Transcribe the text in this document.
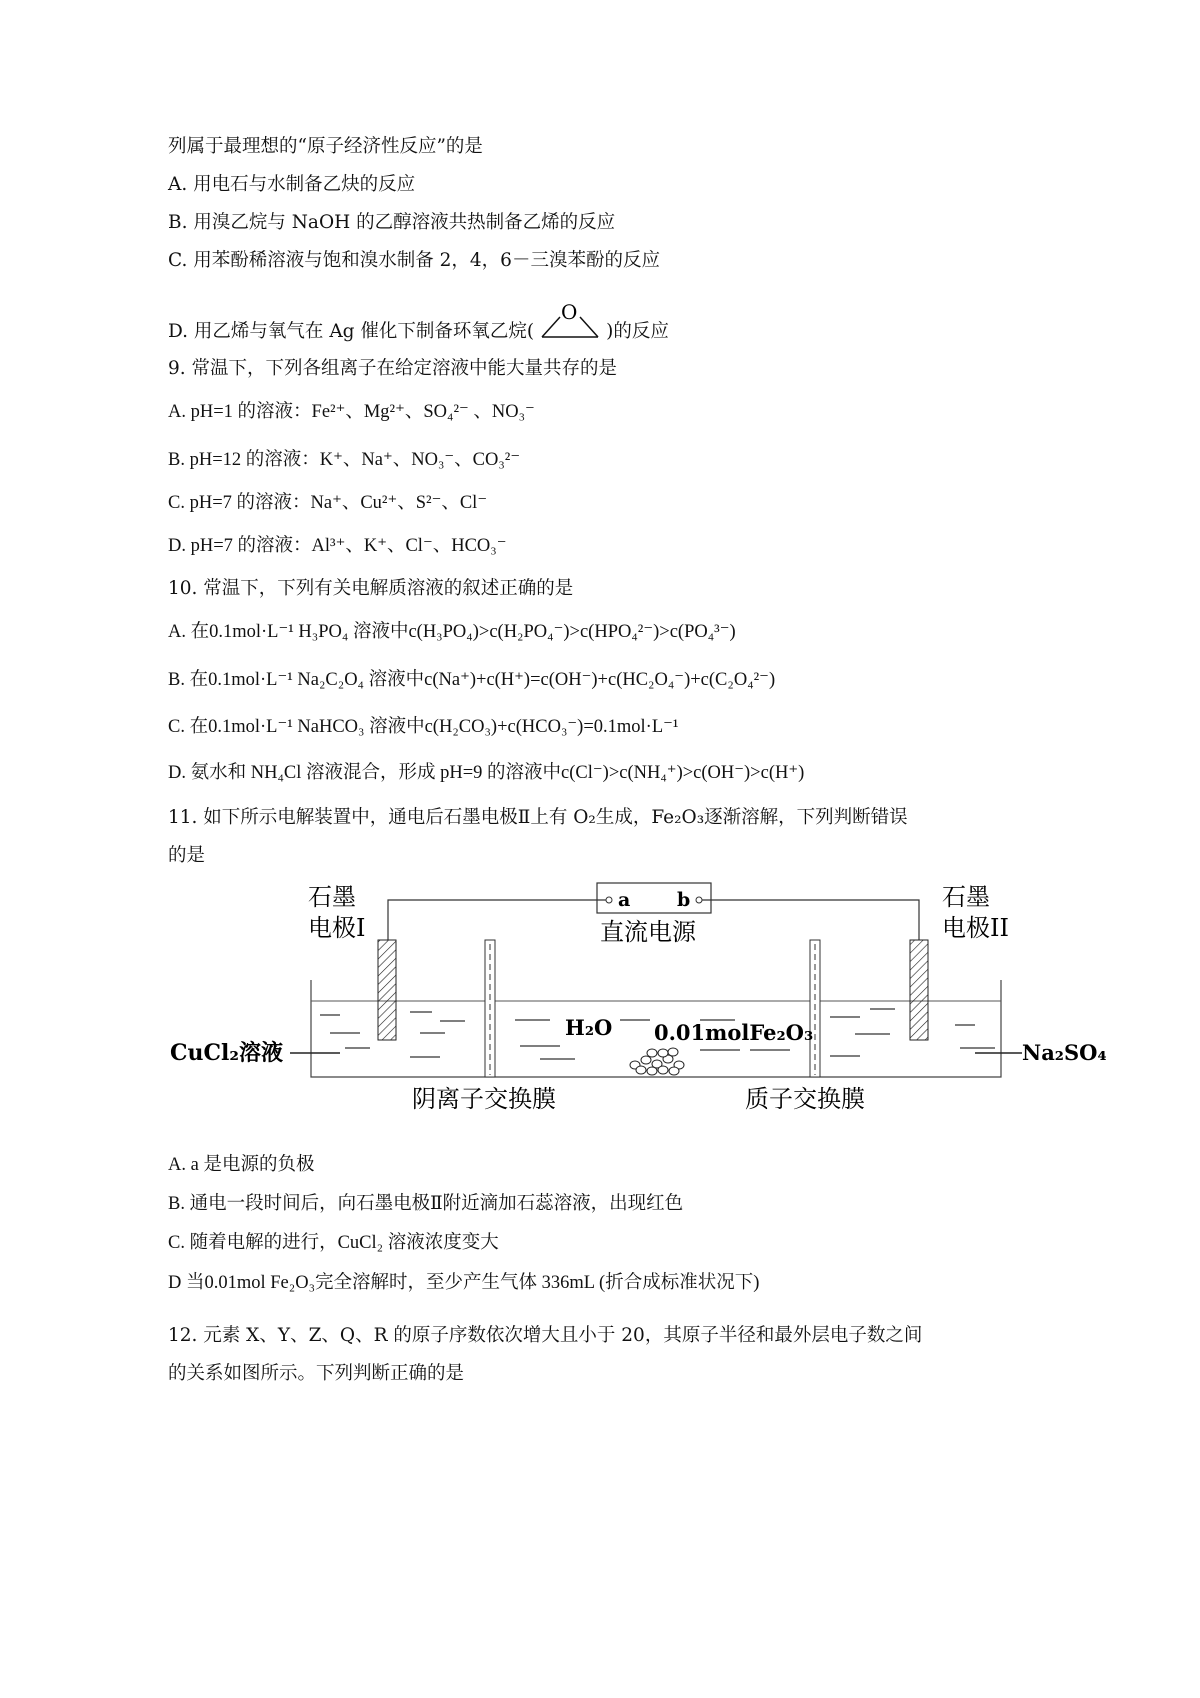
列属于最理想的“原子经济性反应”的是
A. 用电石与水制备乙炔的反应
B. 用溴乙烷与 NaOH 的乙醇溶液共热制备乙烯的反应
C. 用苯酚稀溶液与饱和溴水制备 2，4，6－三溴苯酚的反应
D. 用乙烯与氧气在 Ag 催化下制备环氧乙烷(
O
)的反应
9. 常温下，下列各组离子在给定溶液中能大量共存的是
A. pH=1 的溶液：Fe²⁺、Mg²⁺、SO₄²⁻ 、NO₃⁻
B. pH=12 的溶液：K⁺、Na⁺、NO₃⁻、CO₃²⁻
C. pH=7 的溶液：Na⁺、Cu²⁺、S²⁻、Cl⁻
D. pH=7 的溶液：Al³⁺、K⁺、Cl⁻、HCO₃⁻
10. 常温下，下列有关电解质溶液的叙述正确的是
A. 在0.1mol·L⁻¹ H₃PO₄ 溶液中c(H₃PO₄)>c(H₂PO₄⁻)>c(HPO₄²⁻)>c(PO₄³⁻)
B. 在0.1mol·L⁻¹ Na₂C₂O₄ 溶液中c(Na⁺)+c(H⁺)=c(OH⁻)+c(HC₂O₄⁻)+c(C₂O₄²⁻)
C. 在0.1mol·L⁻¹ NaHCO₃ 溶液中c(H₂CO₃)+c(HCO₃⁻)=0.1mol·L⁻¹
D. 氨水和 NH₄Cl 溶液混合，形成 pH=9 的溶液中c(Cl⁻)>c(NH₄⁺)>c(OH⁻)>c(H⁺)
11. 如下所示电解装置中，通电后石墨电极Ⅱ上有 O₂生成，Fe₂O₃逐渐溶解，下列判断错误
的是
a b
直流电源
石墨
电极I
石墨
电极II
H₂O 0.01molFe₂O₃
CuCl₂溶液	Na₂SO₄
阴离子交换膜	质子交换膜
A. a 是电源的负极
B. 通电一段时间后，向石墨电极Ⅱ附近滴加石蕊溶液，出现红色
C. 随着电解的进行，CuCl₂ 溶液浓度变大
D 当0.01mol Fe₂O₃完全溶解时，至少产生气体 336mL (折合成标准状况下)
12. 元素 X、Y、Z、Q、R 的原子序数依次增大且小于 20，其原子半径和最外层电子数之间
的关系如图所示。下列判断正确的是
